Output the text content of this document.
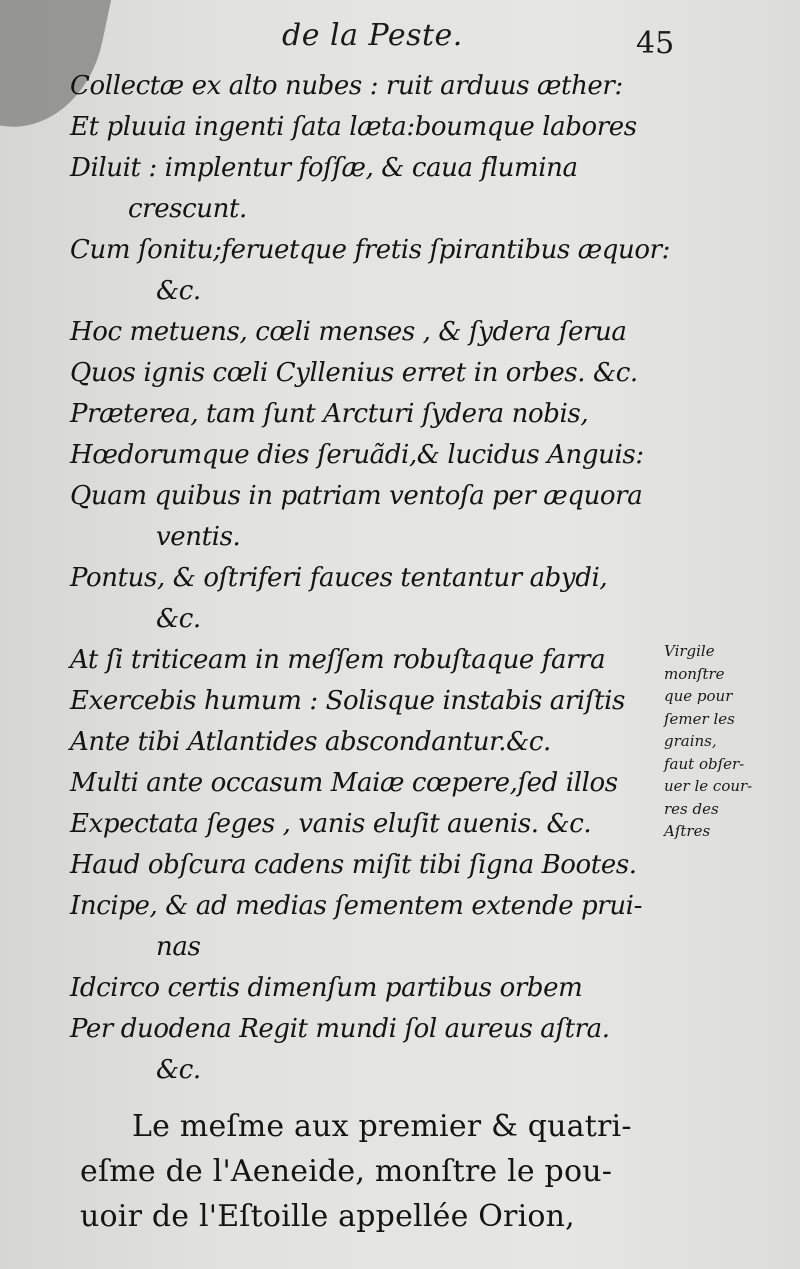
de la Peste.	45
Collectæ ex alto nubes : ruit arduus æther:
Et pluuia ingenti ſata læta:boumque labores
Diluit : implentur foſſæ, & caua flumina
crescunt.
Cum ſonitu;feruetque fretis ſpirantibus æquor:
&c.
Hoc metuens, cœli menses , & ſydera ſerua
Quos ignis cœli Cyllenius erret in orbes. &c.
Præterea, tam ſunt Arcturi ſydera nobis,
Hœdorumque dies ſeruãdi,& lucidus Anguis:
Quam quibus in patriam ventoſa per æquora
ventis.
Pontus, & oſtriferi fauces tentantur abydi,
&c.
At ſi triticeam in meſſem robuſtaque farra
Exercebis humum : Solisque instabis ariſtis
Ante tibi Atlantides abscondantur.&c.
Multi ante occasum Maiæ cœpere,ſed illos
Expectata ſeges , vanis eluſit auenis. &c.
Haud obſcura cadens miſit tibi ſigna Bootes.
Incipe, & ad medias ſementem extende prui-
nas
Idcirco certis dimenſum partibus orbem
Per duodena Regit mundi ſol aureus aſtra.
&c.
Virgile
monſtre
que pour
ſemer les
grains,
faut obſer-
uer le cour-
res des
Aſtres
Le meſme aux premier & quatri-
eſme de l'Aeneide, monſtre le pou-
uoir de l'Eſtoille appellée Orion,
